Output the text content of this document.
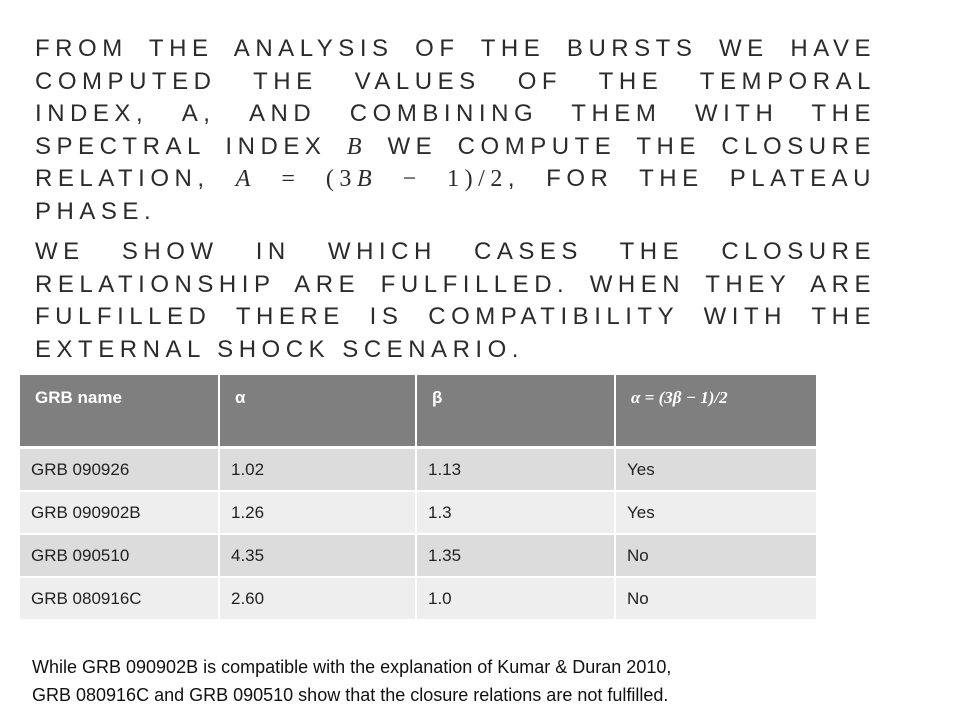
FROM THE ANALYSIS OF THE BURSTS WE HAVE COMPUTED THE VALUES OF THE TEMPORAL INDEX, Α, AND COMBINING THEM WITH THE SPECTRAL INDEX Β WE COMPUTE THE CLOSURE RELATION, Α = (3Β − 1)/2, FOR THE PLATEAU PHASE.

WE SHOW IN WHICH CASES THE CLOSURE RELATIONSHIP ARE FULFILLED. WHEN THEY ARE FULFILLED THERE IS COMPATIBILITY WITH THE EXTERNAL SHOCK SCENARIO.

GRB name	α	β	α = (3β − 1)/2
GRB 090926	1.02	1.13	Yes
GRB 090902B	1.26	1.3	Yes
GRB 090510	4.35	1.35	No
GRB 080916C	2.60	1.0	No

While GRB 090902B is compatible with the explanation of Kumar & Duran 2010,

GRB 080916C and GRB 090510 show that the closure relations are not fulfilled.
